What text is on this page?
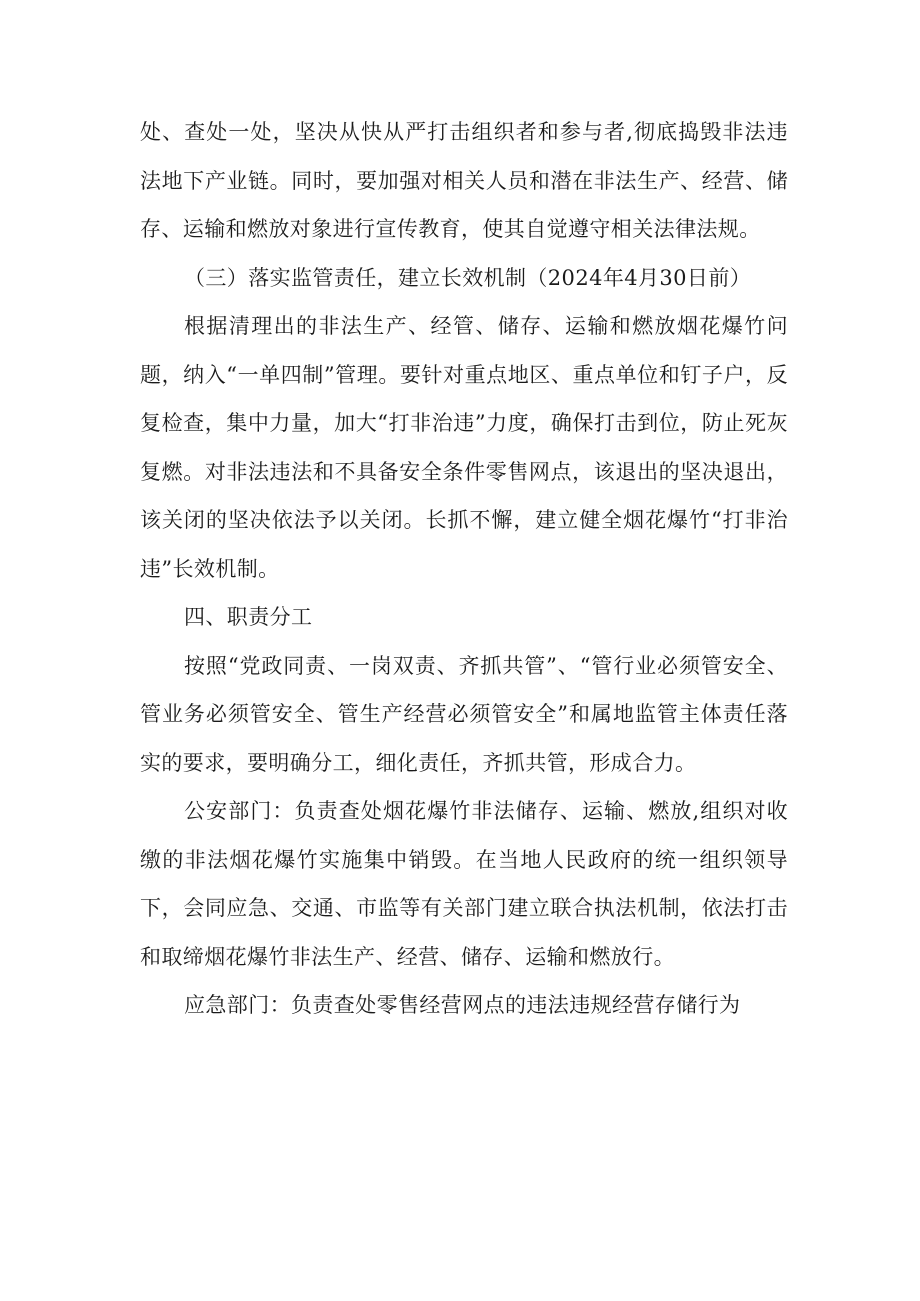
处、查处一处，坚决从快从严打击组织者和参与者,彻底捣毁非法违法地下产业链。同时，要加强对相关人员和潜在非法生产、经营、储存、运输和燃放对象进行宣传教育，使其自觉遵守相关法律法规。

（三）落实监管责任，建立长效机制（2024年4月30日前）

根据清理出的非法生产、经管、储存、运输和燃放烟花爆竹问题，纳入“一单四制”管理。要针对重点地区、重点单位和钉子户，反复检查，集中力量，加大“打非治违”力度，确保打击到位，防止死灰复燃。对非法违法和不具备安全条件零售网点，该退出的坚决退出，该关闭的坚决依法予以关闭。长抓不懈，建立健全烟花爆竹“打非治违”长效机制。

四、职责分工

按照“党政同责、一岗双责、齐抓共管”、“管行业必须管安全、管业务必须管安全、管生产经营必须管安全”和属地监管主体责任落实的要求，要明确分工，细化责任，齐抓共管，形成合力。

公安部门：负责查处烟花爆竹非法储存、运输、燃放,组织对收缴的非法烟花爆竹实施集中销毁。在当地人民政府的统一组织领导下，会同应急、交通、市监等有关部门建立联合执法机制，依法打击和取缔烟花爆竹非法生产、经营、储存、运输和燃放行。

应急部门：负责查处零售经营网点的违法违规经营存储行为
